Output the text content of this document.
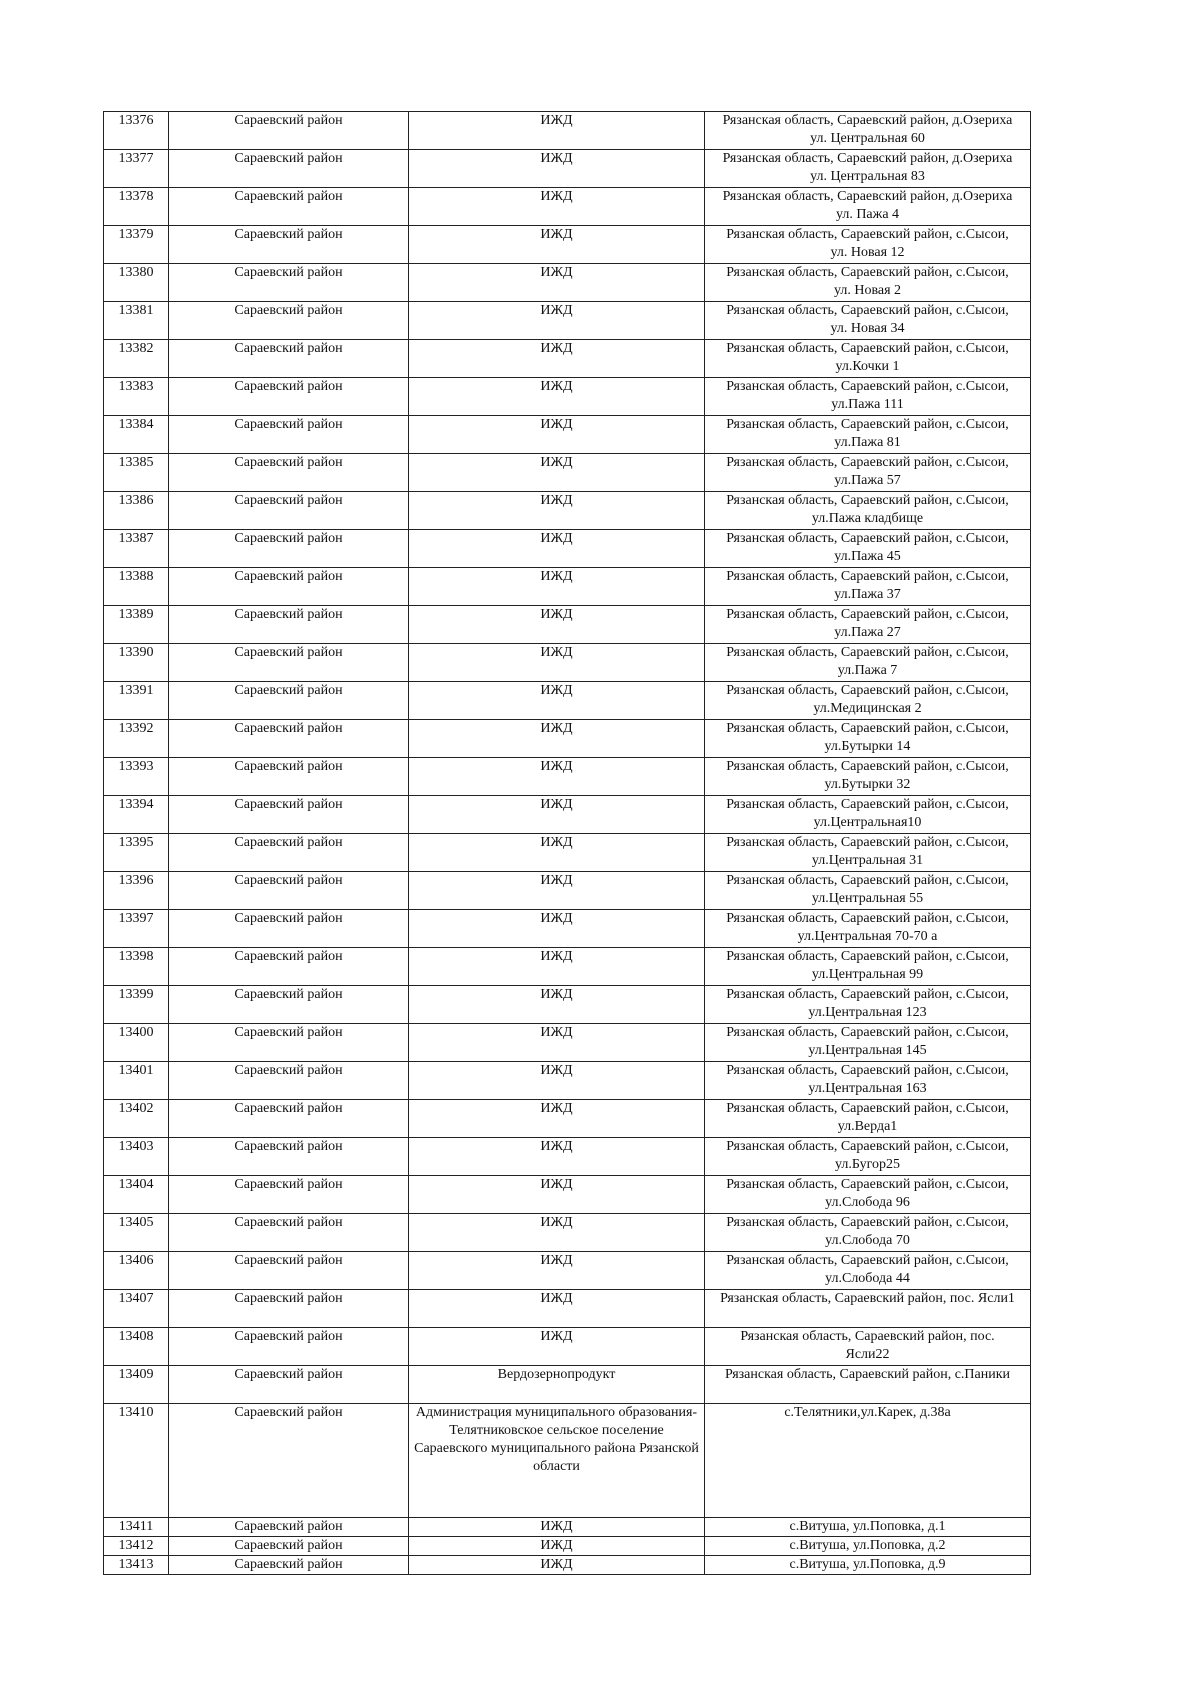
13376	Сараевский район	ИЖД	Рязанская область, Сараевский район, д.Озериха
ул. Центральная 60
13377	Сараевский район	ИЖД	Рязанская область, Сараевский район, д.Озериха
ул. Центральная 83
13378	Сараевский район	ИЖД	Рязанская область, Сараевский район, д.Озериха
ул. Пажа 4
13379	Сараевский район	ИЖД	Рязанская область, Сараевский район, с.Сысои,
ул. Новая 12
13380	Сараевский район	ИЖД	Рязанская область, Сараевский район, с.Сысои,
ул. Новая 2
13381	Сараевский район	ИЖД	Рязанская область, Сараевский район, с.Сысои,
ул. Новая 34
13382	Сараевский район	ИЖД	Рязанская область, Сараевский район, с.Сысои,
ул.Кочки 1
13383	Сараевский район	ИЖД	Рязанская область, Сараевский район, с.Сысои,
ул.Пажа 111
13384	Сараевский район	ИЖД	Рязанская область, Сараевский район, с.Сысои,
ул.Пажа 81
13385	Сараевский район	ИЖД	Рязанская область, Сараевский район, с.Сысои,
ул.Пажа 57
13386	Сараевский район	ИЖД	Рязанская область, Сараевский район, с.Сысои,
ул.Пажа кладбище
13387	Сараевский район	ИЖД	Рязанская область, Сараевский район, с.Сысои,
ул.Пажа 45
13388	Сараевский район	ИЖД	Рязанская область, Сараевский район, с.Сысои,
ул.Пажа 37
13389	Сараевский район	ИЖД	Рязанская область, Сараевский район, с.Сысои,
ул.Пажа 27
13390	Сараевский район	ИЖД	Рязанская область, Сараевский район, с.Сысои,
ул.Пажа 7
13391	Сараевский район	ИЖД	Рязанская область, Сараевский район, с.Сысои,
ул.Медицинская 2
13392	Сараевский район	ИЖД	Рязанская область, Сараевский район, с.Сысои,
ул.Бутырки 14
13393	Сараевский район	ИЖД	Рязанская область, Сараевский район, с.Сысои,
ул.Бутырки 32
13394	Сараевский район	ИЖД	Рязанская область, Сараевский район, с.Сысои,
ул.Центральная10
13395	Сараевский район	ИЖД	Рязанская область, Сараевский район, с.Сысои,
ул.Центральная 31
13396	Сараевский район	ИЖД	Рязанская область, Сараевский район, с.Сысои,
ул.Центральная 55
13397	Сараевский район	ИЖД	Рязанская область, Сараевский район, с.Сысои,
ул.Центральная 70-70 а
13398	Сараевский район	ИЖД	Рязанская область, Сараевский район, с.Сысои,
ул.Центральная 99
13399	Сараевский район	ИЖД	Рязанская область, Сараевский район, с.Сысои,
ул.Центральная 123
13400	Сараевский район	ИЖД	Рязанская область, Сараевский район, с.Сысои,
ул.Центральная 145
13401	Сараевский район	ИЖД	Рязанская область, Сараевский район, с.Сысои,
ул.Центральная 163
13402	Сараевский район	ИЖД	Рязанская область, Сараевский район, с.Сысои,
ул.Верда1
13403	Сараевский район	ИЖД	Рязанская область, Сараевский район, с.Сысои,
ул.Бугор25
13404	Сараевский район	ИЖД	Рязанская область, Сараевский район, с.Сысои,
ул.Слобода 96
13405	Сараевский район	ИЖД	Рязанская область, Сараевский район, с.Сысои,
ул.Слобода 70
13406	Сараевский район	ИЖД	Рязанская область, Сараевский район, с.Сысои,
ул.Слобода 44
13407	Сараевский район	ИЖД	Рязанская область, Сараевский район, пос. Ясли1
13408	Сараевский район	ИЖД	Рязанская область, Сараевский район, пос.
Ясли22
13409	Сараевский район	Вердозернопродукт	Рязанская область, Сараевский район, с.Паники
13410	Сараевский район	Администрация муниципального образования-Телятниковское сельское поселение Сараевского муниципального района Рязанской области	с.Телятники,ул.Карек, д.38а
13411	Сараевский район	ИЖД	с.Витуша, ул.Поповка, д.1
13412	Сараевский район	ИЖД	с.Витуша, ул.Поповка, д.2
13413	Сараевский район	ИЖД	с.Витуша, ул.Поповка, д.9
